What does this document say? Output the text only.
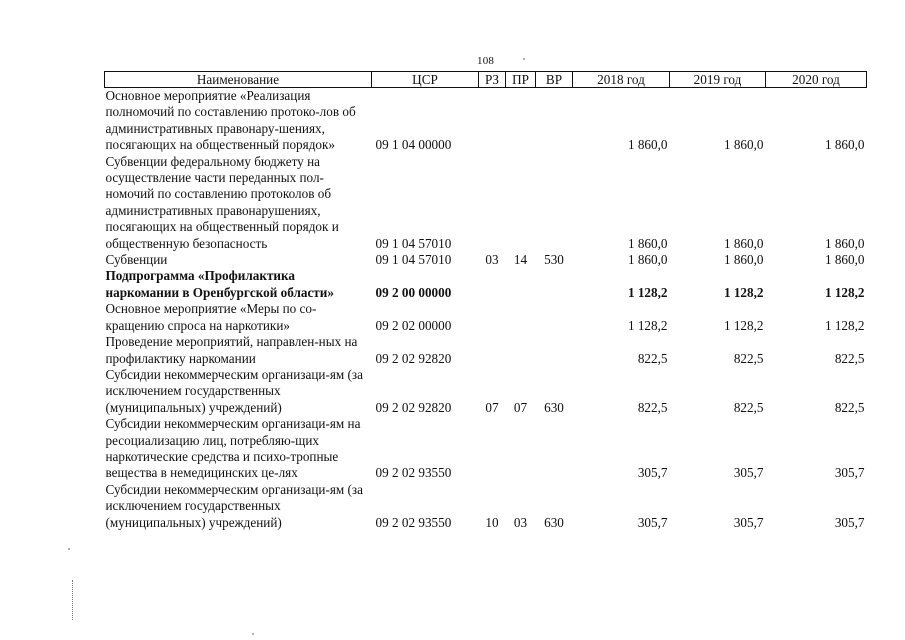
108
Наименование	ЦСР	РЗ	ПР	ВР	2018 год	2019 год	2020 год
Основное мероприятие «Реализация полномочий по составлению протоко-лов об административных правонару-шениях, посягающих на общественный порядок»	09 1 04 00000				1 860,0	1 860,0	1 860,0
Субвенции федеральному бюджету на осуществление части переданных пол-номочий по составлению протоколов об административных правонарушениях, посягающих на общественный порядок и общественную безопасность	09 1 04 57010				1 860,0	1 860,0	1 860,0
Субвенции	09 1 04 57010	03	14	530	1 860,0	1 860,0	1 860,0
Подпрограмма «Профилактика наркомании в Оренбургской области»	09 2 00 00000				1 128,2	1 128,2	1 128,2
Основное мероприятие «Меры по со-кращению спроса на наркотики»	09 2 02 00000				1 128,2	1 128,2	1 128,2
Проведение мероприятий, направлен-ных на профилактику наркомании	09 2 02 92820				822,5	822,5	822,5
Субсидии некоммерческим организаци-ям (за исключением государственных (муниципальных) учреждений)	09 2 02 92820	07	07	630	822,5	822,5	822,5
Субсидии некоммерческим организаци-ям на ресоциализацию лиц, потребляю-щих наркотические средства и психо-тропные вещества в немедицинских це-лях	09 2 02 93550				305,7	305,7	305,7
Субсидии некоммерческим организаци-ям (за исключением государственных (муниципальных) учреждений)	09 2 02 93550	10	03	630	305,7	305,7	305,7
